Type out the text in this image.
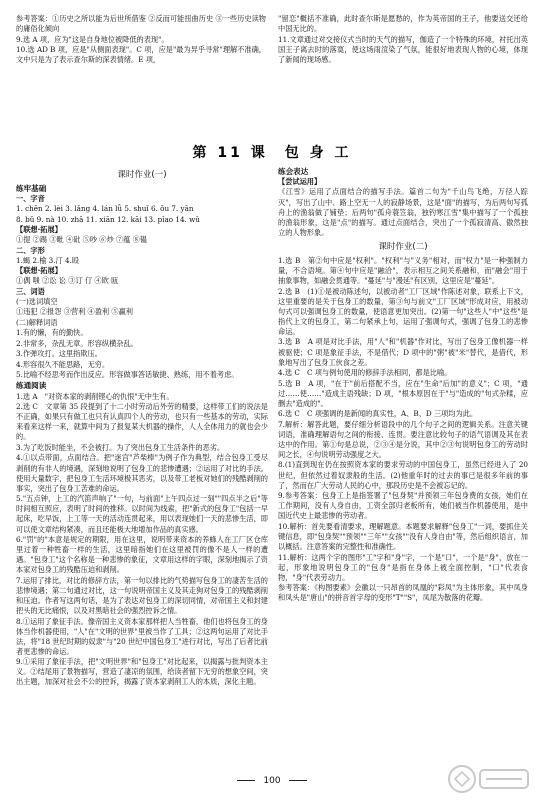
参考答案：①历史之所以能为后世所借鉴 ②反而可能扭曲历史 ③一些历史读物的庸俗化倾向

9.选 A 项，应为"这是自身地位被降低的表现"。

10.选 AD B 项，应是"从侧面表现"。C 项，应是"最为异乎寻常"理解不准确，文中只是为了表示查尔斯的深表情绪。E 项，

"留恋"概括不准确，此时查尔斯是愿愁的，作为英帝国的王子，他要送交还给中国无比的。

11.文章通过对交接仪式当时的天气的描写，伽造了一个特殊的环境，衬托出英国王子离去时的落寞，使这场雨渲染了气氛，能很好地表现人物的心境，体现了新闻的现场感。

第 11 课　包 身 工
课时作业(一)
练牢基础
一、字音

1. chēn 2. lèi 3. lǎng 4. lán lǚ 5. shuǐ 6. ǒu 7. yān

8. bǔ 9. nà 10. zhā 11. xiān 12. kāi 13. pǐao 14. wǔ

【联想·拓展】

①提 ②踢 ③毗 ④砒 ⑤吵 ⑥炒 ⑦蕴 ⑧韫

二、字形

1.蝎 2.榆 3.汀 4.殴

【联想·拓展】

①偶 嗤 ②讼 讼 ③订 仃 ④欧 瓯

三、词语

(一)选词填空

①违犯 ②报怨 ③营利 ④盈利 ⑤赢利

(二)解释词语

1.有的懒，有的勤快。

2.非常多，杂乱无章。形容纵横杂乱。

3.作弹攻打。这里指欺压。

4.形容很久不能思路，无穷。

5.比喻不经思考而作出反应。形容做事答话敏捷、熟练，用不着考虑。

练通阅读

1.选 A　"对资本家的剥削铿心的仇恨"无中生有。

2.选 C　文章第 35 段提到了十二小时劳动后外劳的精要，这样带工们的说法是不正确，如果只有做工也只有认真四个人的劳动，也只有一些基本的劳动，实际来看来这样一来，就算中间为了报复某大机器的操作，人人全体用力的就也会少的。

3.为了吃饭时能坐，不会被打。为了突出包身工生活条件的恶劣。

4.①以点带面，点面结合。把"迷宫"芦柴棒"为例子作为典型，结合包身工受尽剥削的有非人的境遇，深刻地说明了包身工的悲惨遭遇；②运用了对比的手法。使用大量数字，把包身工生活环境极其恶劣，以及带工老板对她们的残酷剥削的事实，突出了包身工苦难的命运。

5."五点钟，上工的汽笛声响了"一句，与前面"上午四点过一刻""四点半之后"等时间相互照应，表明了时间的推移。以时间为线索，把"新式的包身工"包括一早起床，吃早饭，上工等一天的活动连贯起来，用以表现她们一天的悲惨生活，即可以使文章结构紧凑，而且还能极大地增加作品的真实感。

6."罚"的"本意是规定的期限，用在这里，说明带来资本的养蜂人在工厂区仓库里过着一种牲畜一样的生活，这里暗指她们在这里被罚的像不是人一样的遭遇。"包身工"这个名称是一种悲惨的象征，文章用这样的字眼，深刻地揭示了资本家对包身工的残酷压迫和剥削。

7.运用了排比，对比的修辞方法，第一句以排比的气势描写包身工的凄苦生活的悲惨境遇；第二句通过对比，这一句说明帝国主义及其走狗对包身工的残酷剥削和压迫。作者写这两句话，是为了表达对包身工的深切同情，对帝国主义和封建把头的无比痛恨，以及对黑暗社会的强烈控诉之情。

8.①运用了象征手法。像帝国主义资本家那样把人当牲畜，他们也将包身工的身体当作机器使用，"人"在"文明的世界"里被当作了工具；②这两句运用了对比手法，将"18 世纪时期的奴隶"与"20 世纪中国包身工"进行对比，写出了后者比前者更悲惨的命运。

9.①采用了象征手法，把"文明世界"和"包身工"对比起来，以揭露与批判资本主义。②结尾用了景物描写，营造了凄凉的氛围，给读者留下无穷的想象空间，突出主题，加深对社会不公的控诉，揭露了资本家剥削工人的本质，深化主题。

练会表达
【尝试运用】

《江雪》运用了点面结合的描写手法。篇首二句为"千山鸟飞绝，万径人踪灭"，写出了山中、路上空无一人的寂静场景，这是"面"的描写，为后两句写孤舟上的渔翁做了铺垫；后两句"孤舟蓑笠翁，独钓寒江雪"集中描写了一个孤独的渔翁形象，这是"点"的描写。通过点面结合，突出了一个孤寂清高、傲然独立的人物形象。

课时作业(二)

1.选 B　第②句中应是"权利"。"权利"与"义务"相对，而"权力"是一种强制力量，不合语境。第④句中应是"融洽"，表示相互之间关系融和，而"融会"用于抽象事物，如融会贯通等。"蔓延"与"漫延"有区别，这里应是"蔓延"。

2.选 B　(1)①是被动陈述句，以被动者"工厂区域"作陈述对象，联系上下文，这里重要的是关于包身工的数量，第③句与前文"工厂区域"形成对应，用被动句式可以强调包身工的数量，使语意更加突出。(2)第一句"这些人"中"这些"是指代上文的包身工，第二句紧承上句，运用了强调句式，强调了包身工的悲惨命运。

3.选 B　A 项是对比手法，用"人"和"机器"作对比，写出了包身工像机器一样被驱使；C 项是象征手法，不是借代；D 项中的"粥"被"米"替代，是借代，形象地写出了包身工伙食之差。

4.选 C　C 项与例句使用的修辞手法相同，都是比喻。

5.选 B　A 项，"在于"前后搭配不当，应在"生命"后加"的意义"；C 项，"通过……使……"造成主语残缺；D 项，"根本原因在于"与"造成的"句式杂糅，应删去"造成的"。

6.选 C　C 项强调的是新闻的真实性，A、B、D 三项均为此。

7.解析：解答此题，要仔细分析语段中的几个句子之间的逻辑关系。注意关键词语，准确理解语句之间的衔接、连贯。要注意比较句子的语气语调及其在表达中的作用。第①句是总说，②③④是分说，其中②③句说明包身工的劳动时间之长，④句说明劳动强度之大。

8.(1)直到现在仍在按照资本家的要求劳动的中国包身工，虽然已经进入了 20 世纪，但依然过着奴隶般的生活。(2)他重年时的过去的事已是很多年前的事了，然而在广大劳动人民的心中，那段历史是不会被忘记的。

9.参考答案：包身工上是指签署了"包身契"并预领三年包身费的女孩，她们在工作期间，没有人身自由，工资全部归老板所有，她们被当作机器使用，是中国近代史上最悲惨的劳动者。

10.解析：首先要看清要求，理解题意。本题要求解释"包身工"一词，要抓住关键信息，即"包身契""预领""三年""女孩""没有人身自由"等，然后组织语言，加以概括。注意答案的完整性和准确性。

11.解析：这两个字的图形"工"字和"身"字，一个是"口"，一个是"身"，放在一起，形象地说明包身工的"包身"是指在身体上被全面控制，"口"代表食物，"身"代表劳动力。

参考答案：《构图要素》会徽以一只昂首的凤凰的"彩凤"为主体形象，其中凤身和凤头是"唐山"的拼音首字母的变形"T""S"，凤尾为散落的花瓣。

100
